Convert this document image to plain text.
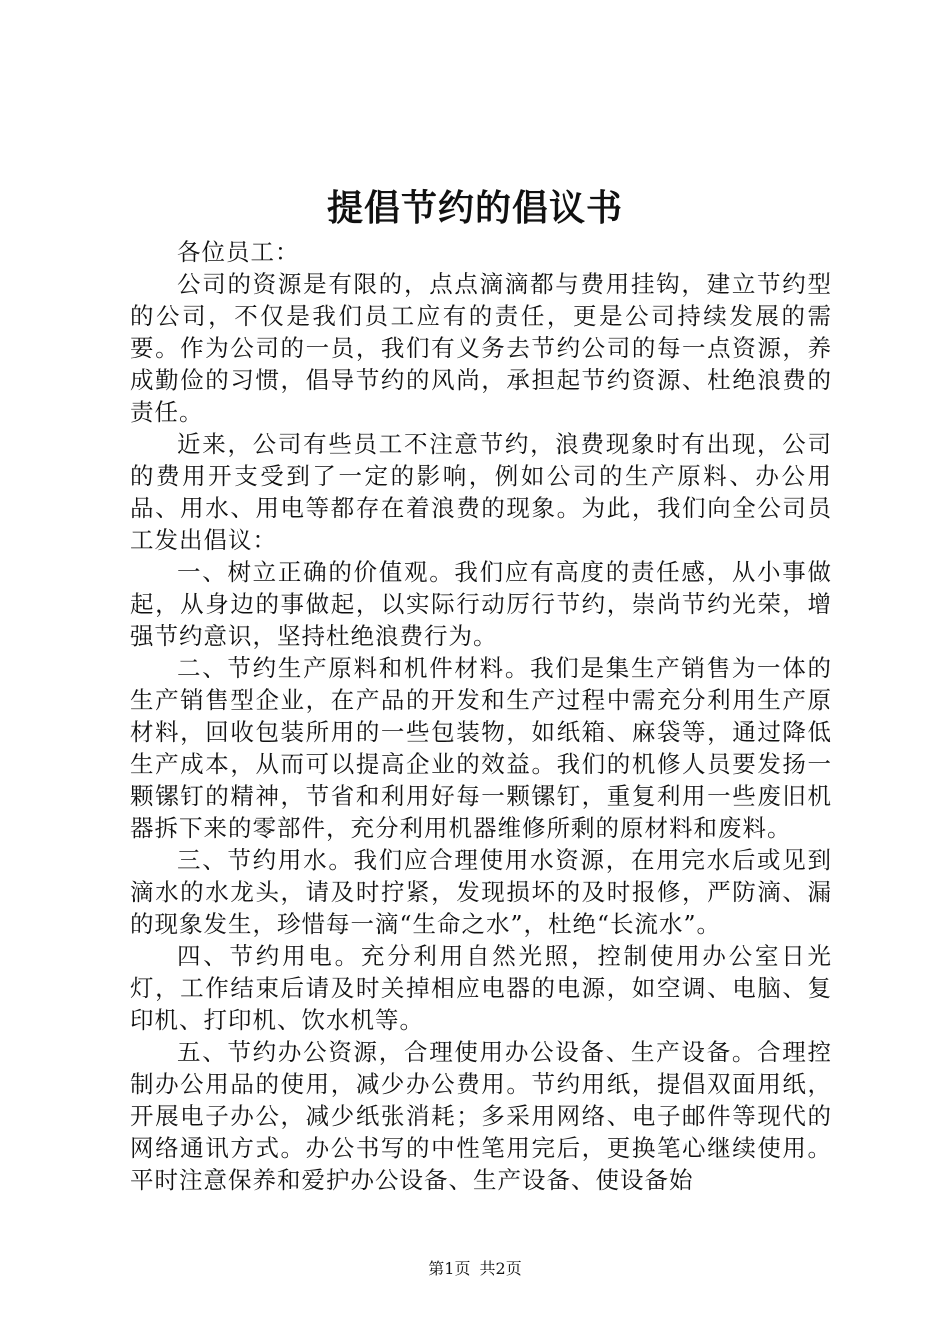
提倡节约的倡议书

各位员工：

公司的资源是有限的，点点滴滴都与费用挂钩，建立节约型的公司，不仅是我们员工应有的责任，更是公司持续发展的需要。作为公司的一员，我们有义务去节约公司的每一点资源，养成勤俭的习惯，倡导节约的风尚，承担起节约资源、杜绝浪费的责任。

近来，公司有些员工不注意节约，浪费现象时有出现，公司的费用开支受到了一定的影响，例如公司的生产原料、办公用品、用水、用电等都存在着浪费的现象。为此，我们向全公司员工发出倡议：

一、树立正确的价值观。我们应有高度的责任感，从小事做起，从身边的事做起，以实际行动厉行节约，崇尚节约光荣，增强节约意识，坚持杜绝浪费行为。

二、节约生产原料和机件材料。我们是集生产销售为一体的生产销售型企业，在产品的开发和生产过程中需充分利用生产原材料，回收包装所用的一些包装物，如纸箱、麻袋等，通过降低生产成本，从而可以提高企业的效益。我们的机修人员要发扬一颗镙钉的精神，节省和利用好每一颗镙钉，重复利用一些废旧机器拆下来的零部件，充分利用机器维修所剩的原材料和废料。

三、节约用水。我们应合理使用水资源，在用完水后或见到滴水的水龙头，请及时拧紧，发现损坏的及时报修，严防滴、漏的现象发生，珍惜每一滴“生命之水”，杜绝“长流水”。

四、节约用电。充分利用自然光照，控制使用办公室日光灯，工作结束后请及时关掉相应电器的电源，如空调、电脑、复印机、打印机、饮水机等。

五、节约办公资源，合理使用办公设备、生产设备。合理控制办公用品的使用，减少办公费用。节约用纸，提倡双面用纸，开展电子办公，减少纸张消耗；多采用网络、电子邮件等现代的网络通讯方式。办公书写的中性笔用完后，更换笔心继续使用。平时注意保养和爱护办公设备、生产设备、使设备始

第1页 共2页
